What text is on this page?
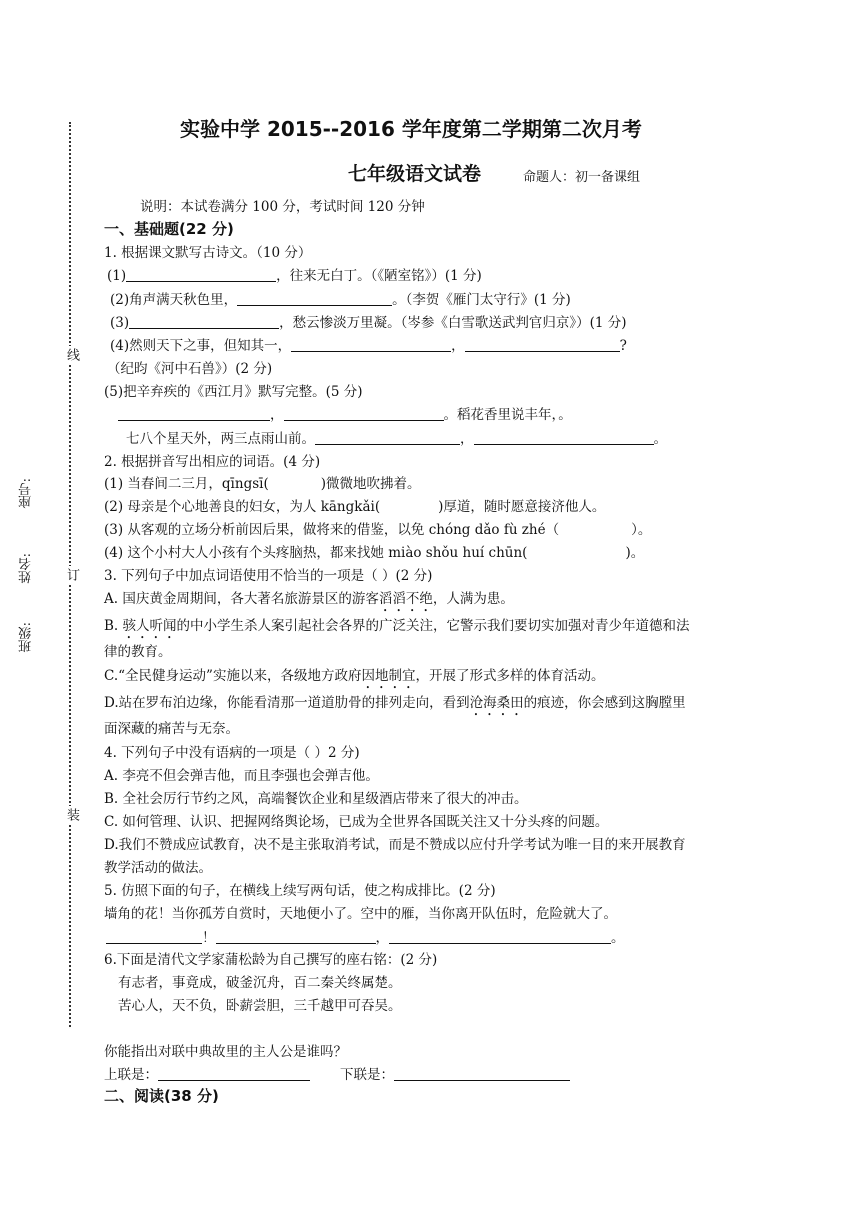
线
订
装
座号:
姓名:
班级:
实验中学 2015--2016 学年度第二学期第二次月考
七年级语文试卷	命题人：初一备课组
说明：本试卷满分 100 分，考试时间 120 分钟
一、基础题(22 分)
1. 根据课文默写古诗文。（10 分）
(1)	，往来无白丁。（《陋室铭》）(1 分)
(2)角声满天秋色里，	。（李贺《雁门太守行》(1 分)
(3)	，愁云惨淡万里凝。（岑参《白雪歌送武判官归京》）(1 分)
(4)然则天下之事，但知其一，	，	?
（纪昀《河中石兽》）(2 分)
(5)把辛弃疾的《西江月》默写完整。(5 分)
，	。稻花香里说丰年，。
七八个星天外，两三点雨山前。	，	。
2. 根据拼音写出相应的词语。(4 分)
(1) 当春间二三月，qīngsī(	)微微地吹拂着。
(2) 母亲是个心地善良的妇女，为人 kāngkǎi(	)厚道，随时愿意接济他人。
(3) 从客观的立场分析前因后果，做将来的借鉴，以免 chóng dǎo fù zhé（	）。
(4) 这个小村大人小孩有个头疼脑热，都来找她 miào shǒu huí chūn(	)。
3. 下列句子中加点词语使用不恰当的一项是（ ）(2 分)
A. 国庆黄金周期间，各大著名旅游景区的游客滔滔不绝，人满为患。
B. 骇人听闻的中小学生杀人案引起社会各界的广泛关注，它警示我们要切实加强对青少年道德和法
律的教育。
C.“全民健身运动”实施以来，各级地方政府因地制宜，开展了形式多样的体育活动。
D.站在罗布泊边缘，你能看清那一道道肋骨的排列走向，看到沧海桑田的痕迹，你会感到这胸膛里
面深藏的痛苦与无奈。
4. 下列句子中没有语病的一项是（ ）2 分)
A. 李亮不但会弹吉他，而且李强也会弹吉他。
B. 全社会厉行节约之风，高端餐饮企业和星级酒店带来了很大的冲击。
C. 如何管理、认识、把握网络舆论场，已成为全世界各国既关注又十分头疼的问题。
D.我们不赞成应试教育，决不是主张取消考试，而是不赞成以应付升学考试为唯一目的来开展教育
教学活动的做法。
5. 仿照下面的句子，在横线上续写两句话，使之构成排比。(2 分)
墙角的花！当你孤芳自赏时，天地便小了。空中的雁，当你离开队伍时，危险就大了。
！	，	。
6.下面是清代文学家蒲松龄为自己撰写的座右铭：(2 分)
有志者，事竟成，破釜沉舟，百二秦关终属楚。
苦心人，天不负，卧薪尝胆，三千越甲可吞吴。
你能指出对联中典故里的主人公是谁吗？
上联是：	下联是：
二、阅读(38 分)
